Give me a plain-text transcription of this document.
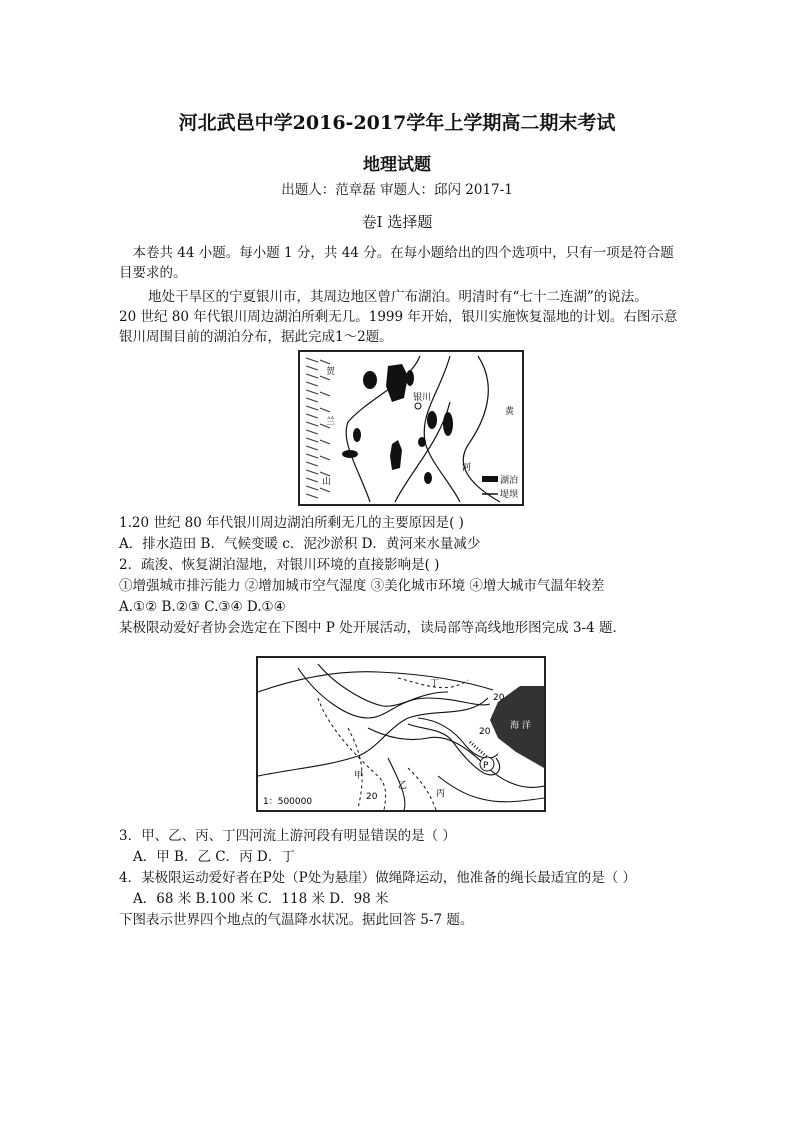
河北武邑中学2016-2017学年上学期高二期末考试
地理试题
出题人：范章磊 审题人：邱闪 2017-1
卷Ⅰ 选择题
本卷共 44 小题。每小题 1 分，共 44 分。在每小题给出的四个选项中，只有一项是符合题目要求的。
地处干旱区的宁夏银川市，其周边地区曾广布湖泊。明清时有“七十二连湖”的说法。
20 世纪 80 年代银川周边湖泊所剩无几。1999 年开始，银川实施恢复湿地的计划。右图示意
银川周围目前的湖泊分布，据此完成1～2题。
贺
兰
山
银川
黄
河
湖泊
堤坝
1.20 世纪 80 年代银川周边湖泊所剩无几的主要原因是( )
A．排水造田 B．气候变暖 c．泥沙淤积 D．黄河来水量减少
2．疏浚、恢复湖泊湿地，对银川环境的直接影响是( )
①增强城市排污能力 ②增加城市空气湿度 ③美化城市环境 ④增大城市气温年较差
A.①② B.②③ C.③④ D.①④
某极限动爱好者协会选定在下图中 P 处开展活动，读局部等高线地形图完成 3-4 题．
丁
20
20
20
海 洋
甲
乙
丙
P
1：500000
3．甲、乙、丙、丁四河流上游河段有明显错误的是（ ）
A．甲 B．乙 C．丙 D．丁
4．某极限运动爱好者在P处（P处为悬崖）做绳降运动，他准备的绳长最适宜的是（ ）
A．68 米 B.100 米 C．118 米 D．98 米
下图表示世界四个地点的气温降水状况。据此回答 5-7 题。
